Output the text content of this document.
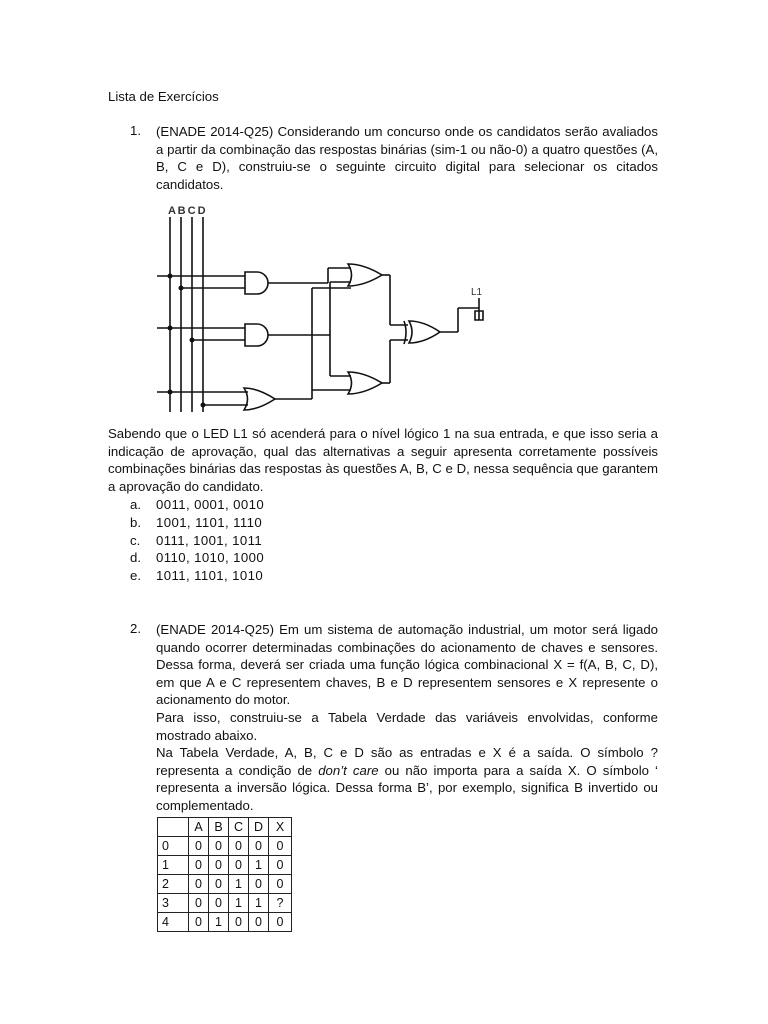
Lista de Exercícios
1. (ENADE 2014-Q25) Considerando um concurso onde os candidatos serão avaliados a partir da combinação das respostas binárias (sim-1 ou não-0) a quatro questões (A, B, C e D), construiu-se o seguinte circuito digital para selecionar os citados candidatos.

A B C D
L1

Sabendo que o LED L1 só acenderá para o nível lógico 1 na sua entrada, e que isso seria a indicação de aprovação, qual das alternativas a seguir apresenta corretamente possíveis combinações binárias das respostas às questões A, B, C e D, nessa sequência que garantem a aprovação do candidato.

a. 0011, 0001, 0010
b. 1001, 1101, 1110
c. 0111, 1001, 1011
d. 0110, 1010, 1000
e. 1011, 1101, 1010
2. (ENADE 2014-Q25) Em um sistema de automação industrial, um motor será ligado quando ocorrer determinadas combinações do acionamento de chaves e sensores. Dessa forma, deverá ser criada uma função lógica combinacional X = f(A, B, C, D), em que A e C representem chaves, B e D representem sensores e X represente o acionamento do motor.

Para isso, construiu-se a Tabela Verdade das variáveis envolvidas, conforme mostrado abaixo.

Na Tabela Verdade, A, B, C e D são as entradas e X é a saída. O símbolo ? representa a condição de don’t care ou não importa para a saída X. O símbolo ‘ representa a inversão lógica. Dessa forma B’, por exemplo, significa B invertido ou complementado.

	A	B	C	D	X
0	0	0	0	0	0
1	0	0	0	1	0
2	0	0	1	0	0
3	0	0	1	1	?
4	0	1	0	0	0
